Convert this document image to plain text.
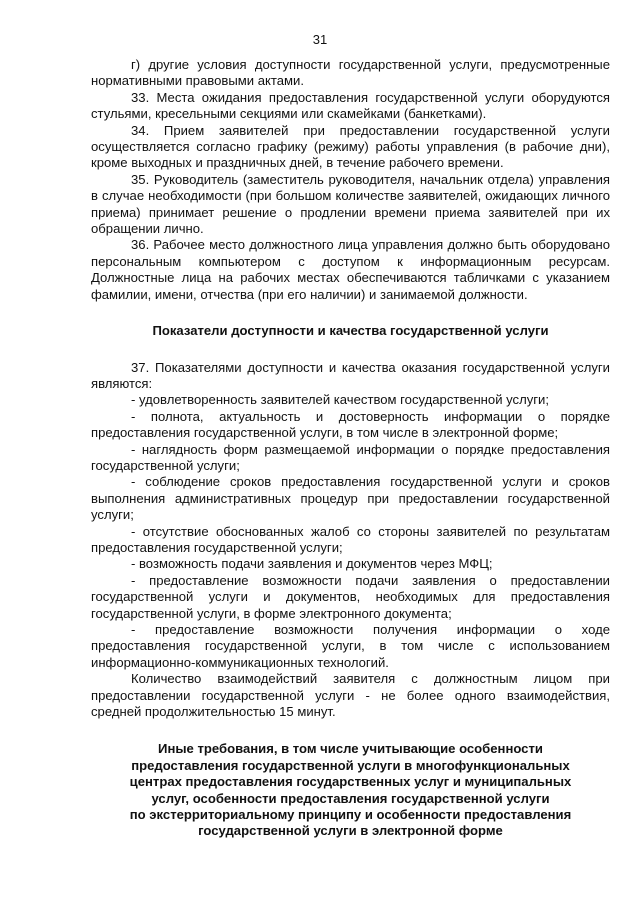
31

г) другие условия доступности государственной услуги, предусмотренные нормативными правовыми актами.

33. Места ожидания предоставления государственной услуги оборудуются стульями, кресельными секциями или скамейками (банкетками).

34. Прием заявителей при предоставлении государственной услуги осуществляется согласно графику (режиму) работы управления (в рабочие дни), кроме выходных и праздничных дней, в течение рабочего времени.

35. Руководитель (заместитель руководителя, начальник отдела) управления в случае необходимости (при большом количестве заявителей, ожидающих личного приема) принимает решение о продлении времени приема заявителей при их обращении лично.

36. Рабочее место должностного лица управления должно быть оборудовано персональным компьютером с доступом к информационным ресурсам. Должностные лица на рабочих местах обеспечиваются табличками с указанием фамилии, имени, отчества (при его наличии) и занимаемой должности.

Показатели доступности и качества государственной услуги

37. Показателями доступности и качества оказания государственной услуги являются:

- удовлетворенность заявителей качеством государственной услуги;

- полнота, актуальность и достоверность информации о порядке предоставления государственной услуги, в том числе в электронной форме;

- наглядность форм размещаемой информации о порядке предоставления государственной услуги;

- соблюдение сроков предоставления государственной услуги и сроков выполнения административных процедур при предоставлении государственной услуги;

- отсутствие обоснованных жалоб со стороны заявителей по результатам предоставления государственной услуги;

- возможность подачи заявления и документов через МФЦ;

- предоставление возможности подачи заявления о предоставлении государственной услуги и документов, необходимых для предоставления государственной услуги, в форме электронного документа;

- предоставление возможности получения информации о ходе предоставления государственной услуги, в том числе с использованием информационно-коммуникационных технологий.

Количество взаимодействий заявителя с должностным лицом при предоставлении государственной услуги - не более одного взаимодействия, средней продолжительностью 15 минут.

Иные требования, в том числе учитывающие особенности
предоставления государственной услуги в многофункциональных
центрах предоставления государственных услуг и муниципальных
услуг, особенности предоставления государственной услуги
по экстерриториальному принципу и особенности предоставления
государственной услуги в электронной форме
